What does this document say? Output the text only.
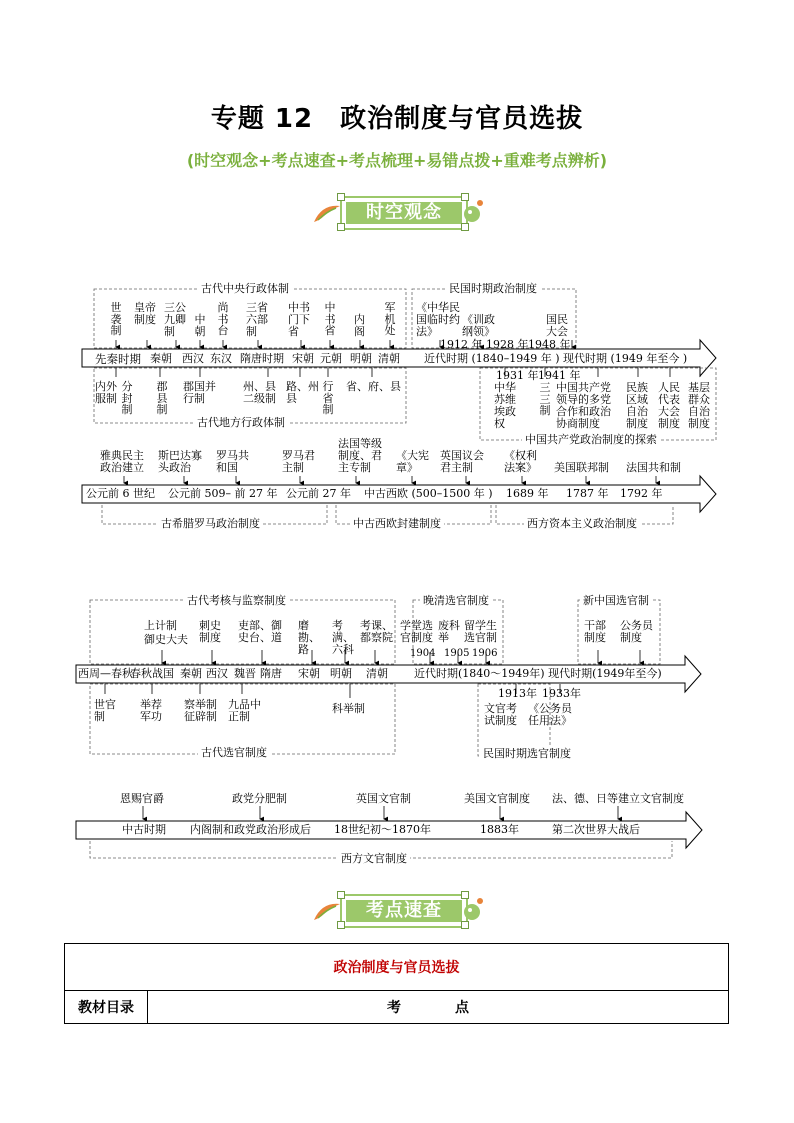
专题 12　政治制度与官员选拔
(时空观念+考点速查+考点梳理+易错点拨+重难考点辨析)
时空观念
考点速查
古代中央行政体制
古代地方行政体制
民国时期政治制度
中国共产党政治制度的探索
世袭制
皇帝制度
三公九卿制
中朝
尚书台
三省六部制
中书门下省
中书省
内阁
军机处
先秦时期 秦朝 西汉 东汉 隋唐时期 宋朝 元朝 明朝 清朝 近代时期 (1840–1949 年 ) 现代时期 (1949 年至今 )
内外服制
分封制
郡县制
郡国并行制
州、县二级制
路、州县
行省制
省、府、县
《中华民国临时约法》
《训政纲领》
国民大会
1912 年 1928 年 1948 年
1931 年 1941 年
中华苏维埃政权
三三制
中国共产党领导的多党合作和政治协商制度
民族区域自治制度
人民代表大会制度
基层群众自治制度
雅典民主政治建立
斯巴达寡头政治
罗马共和国
罗马君主制
法国等级制度、君主专制
《大宪章》
英国议会君主制
《权利法案》	美国联邦制 法国共和制
公元前 6 世纪 公元前 509– 前 27 年 公元前 27 年 中古西欧 (500–1500 年 ) 1689 年 1787 年 1792 年
古希腊罗马政治制度	中古西欧封建制度	西方资本主义政治制度
古代考核与监察制度
古代选官制度
晚清选官制度
民国时期选官制度
新中国选官制
上计制
御史大夫
刺史制度
吏部、御史台、道
磨勘、路
考满、六科
考课、都察院
学堂选官制度
废科举
留学生选官制
干部制度
公务员制度
1904 1905 1906
西周—春秋
春秋战国 秦朝 西汉 魏晋 隋唐 宋朝 明朝 清朝 近代时期(1840～1949年) 现代时期(1949年至今)
世官制
举荐军功
察举制征辟制
九品中正制
科举制
1913年 1933年
文官考试制度
《公务员任用法》
恩赐官爵	政党分肥制	英国文官制	美国文官制度 法、德、日等建立文官制度
中古时期 内阁制和政党政治形成后 18世纪初～1870年	1883年	第二次世界大战后
西方文官制度
政治制度与官员选拔
教材目录	考　点
